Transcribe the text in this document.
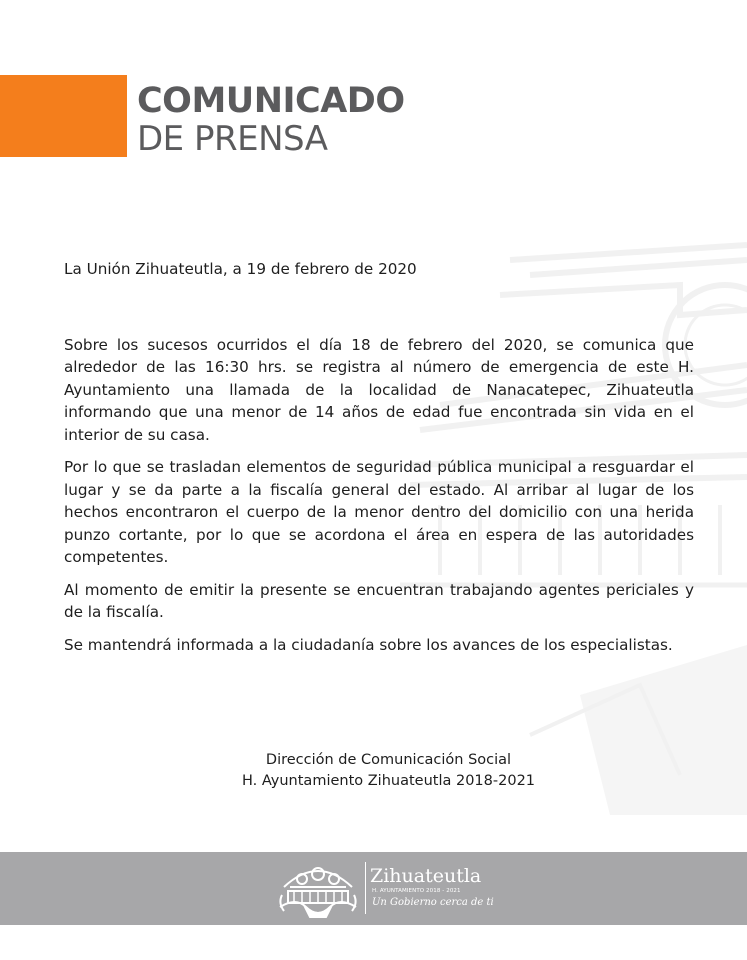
COMUNICADO
DE PRENSA

La Unión Zihuateutla, a 19 de febrero de 2020

Sobre los sucesos ocurridos el día 18 de febrero del 2020, se comunica que alrededor de las 16:30 hrs. se registra al número de emergencia de este H. Ayuntamiento una llamada de la localidad de Nanacatepec, Zihuateutla informando que una menor de 14 años de edad fue encontrada sin vida en el interior de su casa.

Por lo que se trasladan elementos de seguridad pública municipal a resguardar el lugar y se da parte a la fiscalía general del estado. Al arribar al lugar de los hechos encontraron el cuerpo de la menor dentro del domicilio con una herida punzo cortante, por lo que se acordona el área en espera de las autoridades competentes.

Al momento de emitir la presente se encuentran trabajando agentes periciales y de la fiscalía.

Se mantendrá informada a la ciudadanía sobre los avances de los especialistas.

Dirección de Comunicación Social
H. Ayuntamiento Zihuateutla 2018-2021
Zihuateutla
H. AYUNTAMIENTO 2018 - 2021
Un Gobierno cerca de ti
